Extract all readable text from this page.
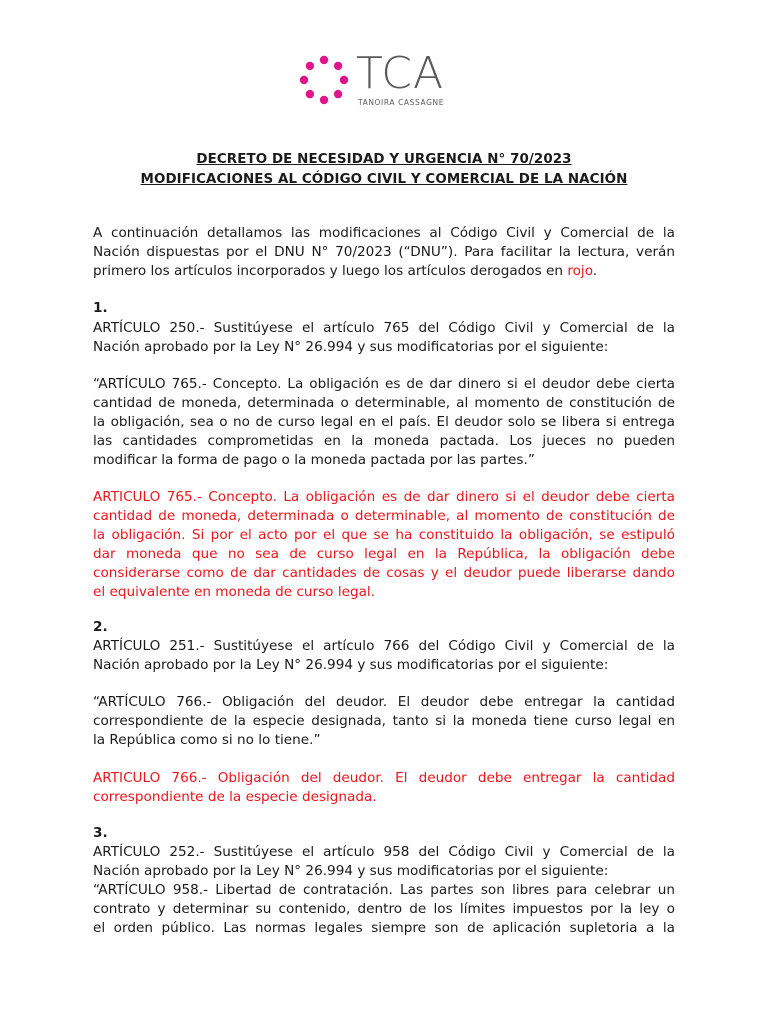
TCA
TANOIRA CASSAGNE
DECRETO DE NECESIDAD Y URGENCIA N° 70/2023
MODIFICACIONES AL CÓDIGO CIVIL Y COMERCIAL DE LA NACIÓN
A continuación detallamos las modificaciones al Código Civil y Comercial de la
Nación dispuestas por el DNU N° 70/2023 (“DNU”). Para facilitar la lectura, verán
primero los artículos incorporados y luego los artículos derogados en rojo.
1.
ARTÍCULO 250.- Sustitúyese el artículo 765 del Código Civil y Comercial de la
Nación aprobado por la Ley N° 26.994 y sus modificatorias por el siguiente:
“ARTÍCULO 765.- Concepto. La obligación es de dar dinero si el deudor debe cierta
cantidad de moneda, determinada o determinable, al momento de constitución de
la obligación, sea o no de curso legal en el país. El deudor solo se libera si entrega
las cantidades comprometidas en la moneda pactada. Los jueces no pueden
modificar la forma de pago o la moneda pactada por las partes.”
ARTICULO 765.- Concepto. La obligación es de dar dinero si el deudor debe cierta
cantidad de moneda, determinada o determinable, al momento de constitución de
la obligación. Si por el acto por el que se ha constituido la obligación, se estipuló
dar moneda que no sea de curso legal en la República, la obligación debe
considerarse como de dar cantidades de cosas y el deudor puede liberarse dando
el equivalente en moneda de curso legal.
2.
ARTÍCULO 251.- Sustitúyese el artículo 766 del Código Civil y Comercial de la
Nación aprobado por la Ley N° 26.994 y sus modificatorias por el siguiente:
“ARTÍCULO 766.- Obligación del deudor. El deudor debe entregar la cantidad
correspondiente de la especie designada, tanto si la moneda tiene curso legal en
la República como si no lo tiene.”
ARTICULO 766.- Obligación del deudor. El deudor debe entregar la cantidad
correspondiente de la especie designada.
3.
ARTÍCULO 252.- Sustitúyese el artículo 958 del Código Civil y Comercial de la
Nación aprobado por la Ley N° 26.994 y sus modificatorias por el siguiente:
“ARTÍCULO 958.- Libertad de contratación. Las partes son libres para celebrar un
contrato y determinar su contenido, dentro de los límites impuestos por la ley o
el orden público. Las normas legales siempre son de aplicación supletoria a la
